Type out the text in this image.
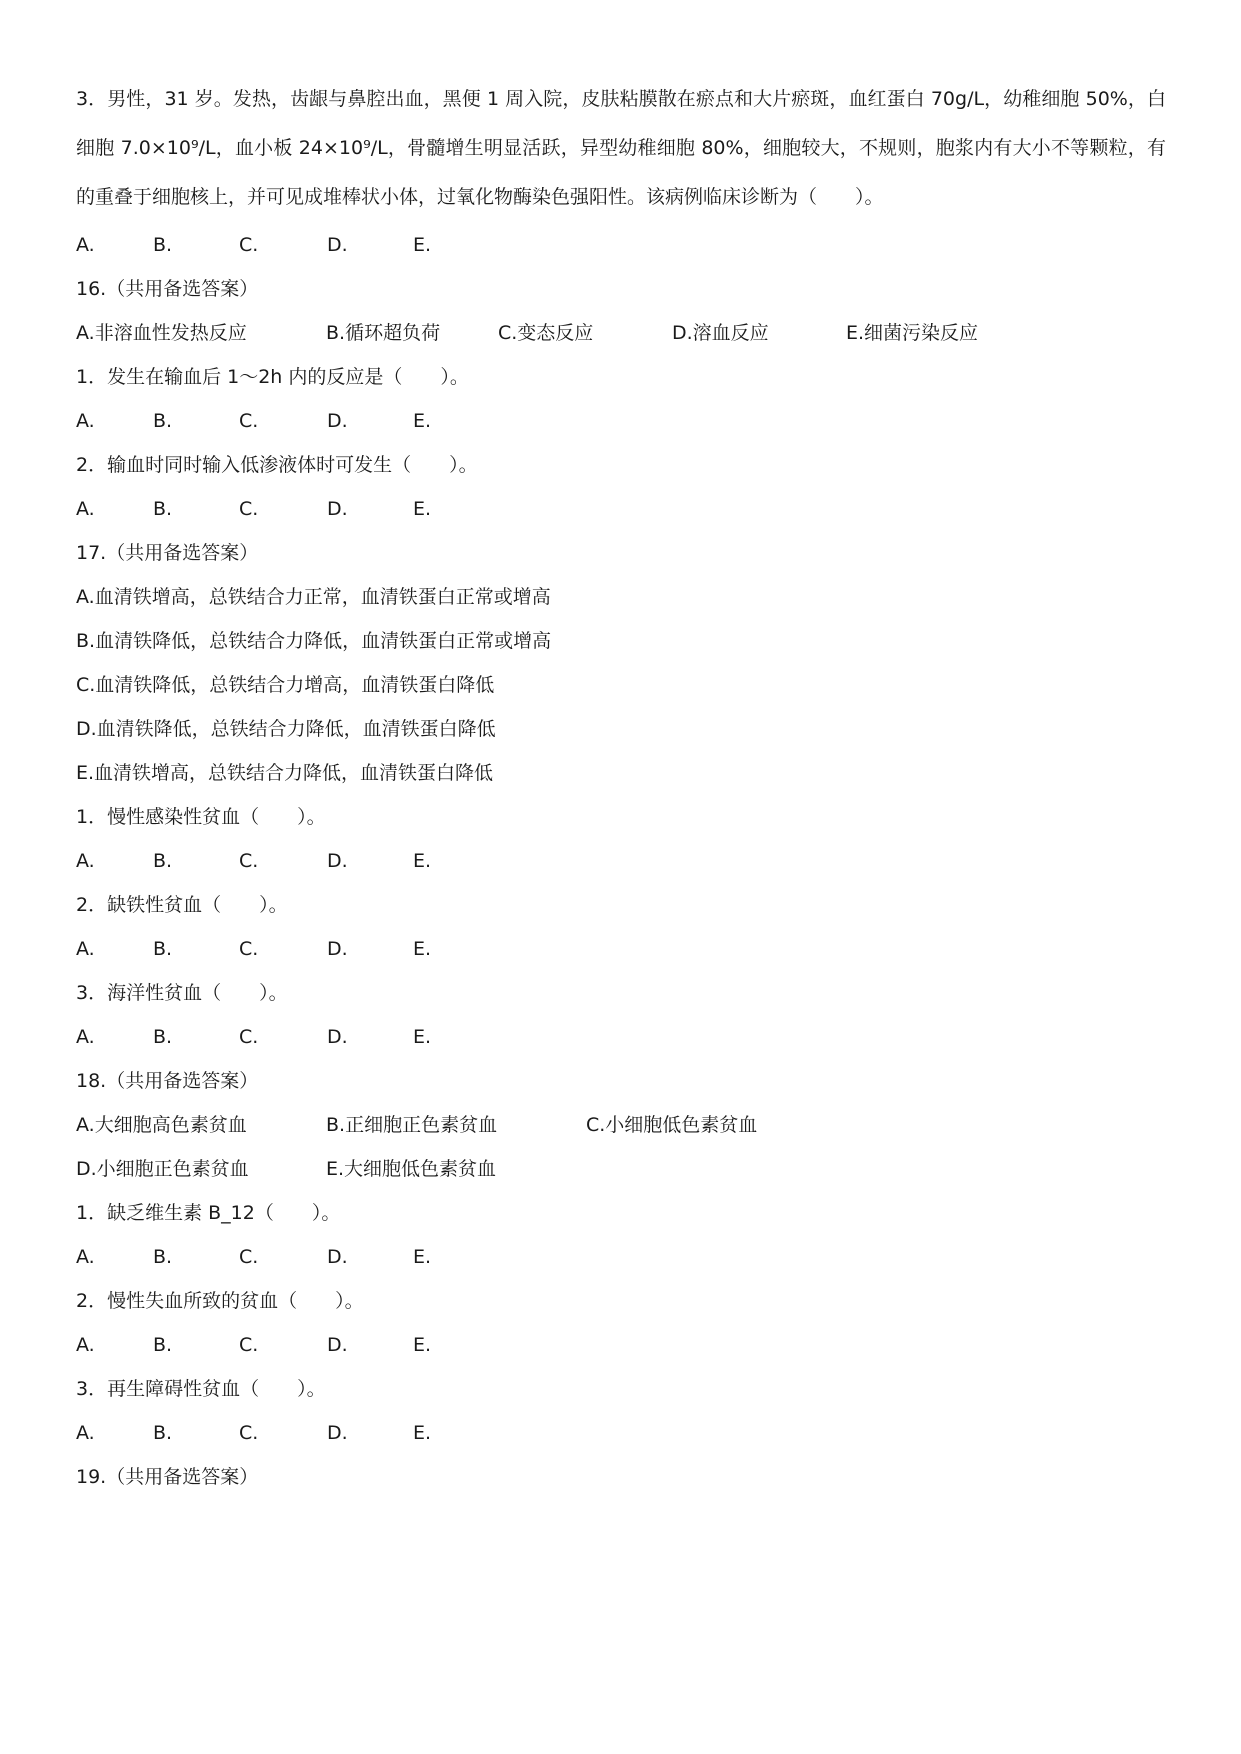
3．男性，31 岁。发热，齿龈与鼻腔出血，黑便 1 周入院，皮肤粘膜散在瘀点和大片瘀斑，血红蛋白 70g/L，幼稚细胞 50%，白细胞 7.0×10⁹/L，血小板 24×10⁹/L，骨髓增生明显活跃，异型幼稚细胞 80%，细胞较大，不规则，胞浆内有大小不等颗粒，有的重叠于细胞核上，并可见成堆棒状小体，过氧化物酶染色强阳性。该病例临床诊断为（　　）。
A.	B.	C.	D.	E.
16.（共用备选答案）
A.非溶血性发热反应	B.循环超负荷	C.变态反应	D.溶血反应	E.细菌污染反应
1．发生在输血后 1～2h 内的反应是（　　）。
A.	B.	C.	D.	E.
2．输血时同时输入低渗液体时可发生（　　）。
A.	B.	C.	D.	E.
17.（共用备选答案）
A.血清铁增高，总铁结合力正常，血清铁蛋白正常或增高
B.血清铁降低，总铁结合力降低，血清铁蛋白正常或增高
C.血清铁降低，总铁结合力增高，血清铁蛋白降低
D.血清铁降低，总铁结合力降低，血清铁蛋白降低
E.血清铁增高，总铁结合力降低，血清铁蛋白降低
1．慢性感染性贫血（　　）。
A.	B.	C.	D.	E.
2．缺铁性贫血（　　）。
A.	B.	C.	D.	E.
3．海洋性贫血（　　）。
A.	B.	C.	D.	E.
18.（共用备选答案）
A.大细胞高色素贫血	B.正细胞正色素贫血	C.小细胞低色素贫血
D.小细胞正色素贫血	E.大细胞低色素贫血
1．缺乏维生素 B_12（　　）。
A.	B.	C.	D.	E.
2．慢性失血所致的贫血（　　）。
A.	B.	C.	D.	E.
3．再生障碍性贫血（　　）。
A.	B.	C.	D.	E.
19.（共用备选答案）
